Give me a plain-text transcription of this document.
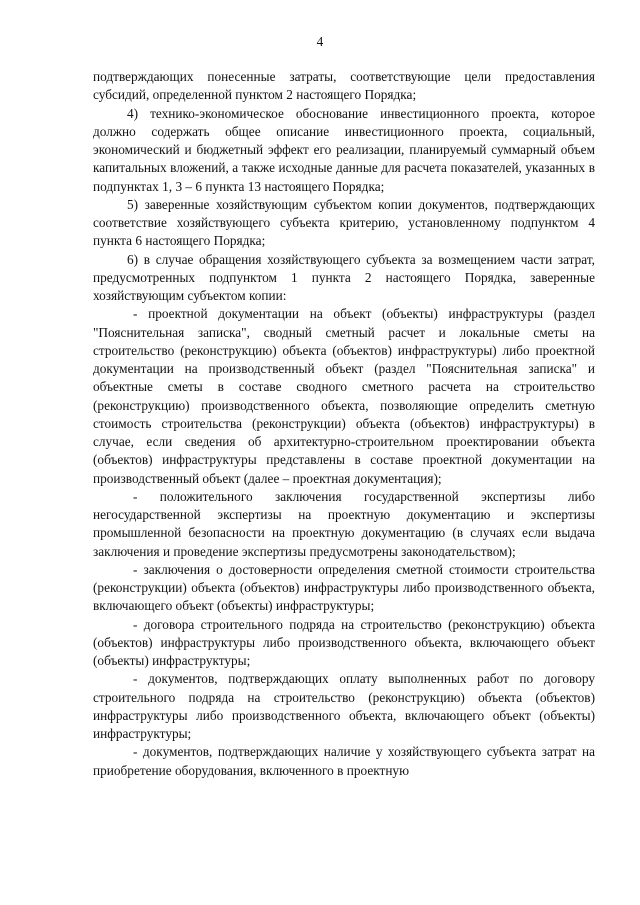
4

подтверждающих понесенные затраты, соответствующие цели предоставления субсидий, определенной пунктом 2 настоящего Порядка;

4) технико-экономическое обоснование инвестиционного проекта, которое должно содержать общее описание инвестиционного проекта, социальный, экономический и бюджетный эффект его реализации, планируемый суммарный объем капитальных вложений, а также исходные данные для расчета показателей, указанных в подпунктах 1, 3 – 6 пункта 13 настоящего Порядка;

5) заверенные хозяйствующим субъектом копии документов, подтверждающих соответствие хозяйствующего субъекта критерию, установленному подпунктом 4 пункта 6 настоящего Порядка;

6) в случае обращения хозяйствующего субъекта за возмещением части затрат, предусмотренных подпунктом 1 пункта 2 настоящего Порядка, заверенные хозяйствующим субъектом копии:

- проектной документации на объект (объекты) инфраструктуры (раздел "Пояснительная записка", сводный сметный расчет и локальные сметы на строительство (реконструкцию) объекта (объектов) инфраструктуры) либо проектной документации на производственный объект (раздел "Пояснительная записка" и объектные сметы в составе сводного сметного расчета на строительство (реконструкцию) производственного объекта, позволяющие определить сметную стоимость строительства (реконструкции) объекта (объектов) инфраструктуры) в случае, если сведения об архитектурно-строительном проектировании объекта (объектов) инфраструктуры представлены в составе проектной документации на производственный объект (далее – проектная документация);

- положительного заключения государственной экспертизы либо негосударственной экспертизы на проектную документацию и экспертизы промышленной безопасности на проектную документацию (в случаях если выдача заключения и проведение экспертизы предусмотрены законодательством);

- заключения о достоверности определения сметной стоимости строительства (реконструкции) объекта (объектов) инфраструктуры либо производственного объекта, включающего объект (объекты) инфраструктуры;

- договора строительного подряда на строительство (реконструкцию) объекта (объектов) инфраструктуры либо производственного объекта, включающего объект (объекты) инфраструктуры;

- документов, подтверждающих оплату выполненных работ по договору строительного подряда на строительство (реконструкцию) объекта (объектов) инфраструктуры либо производственного объекта, включающего объект (объекты) инфраструктуры;

- документов, подтверждающих наличие у хозяйствующего субъекта затрат на приобретение оборудования, включенного в проектную
